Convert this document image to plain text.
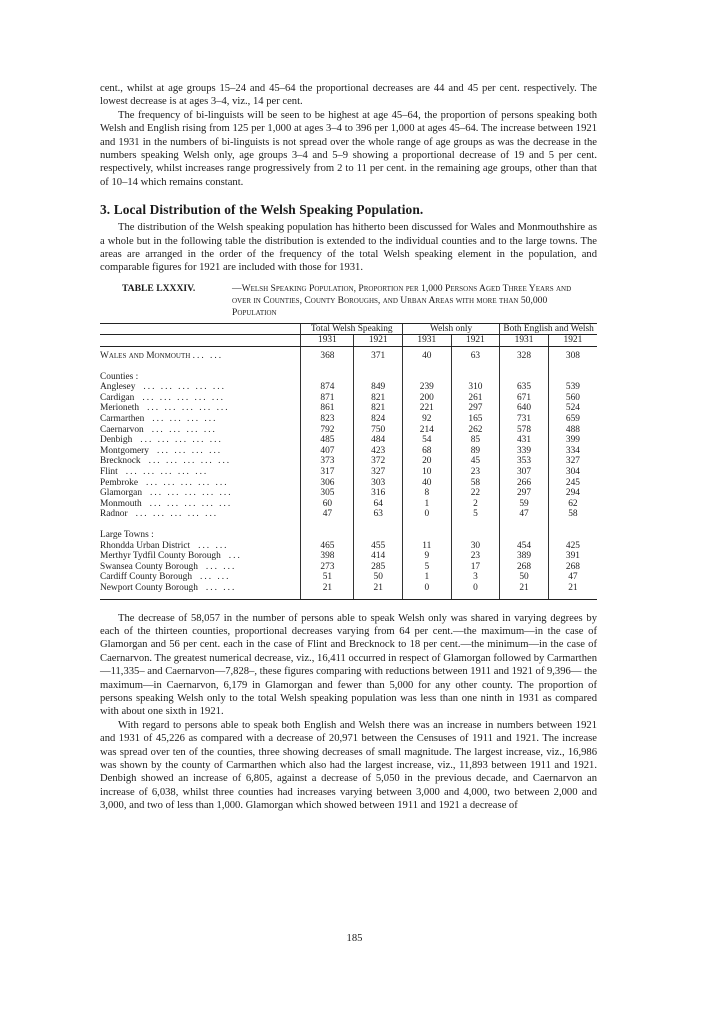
cent., whilst at age groups 15–24 and 45–64 the proportional decreases are 44 and 45 per cent. respectively. The lowest decrease is at ages 3–4, viz., 14 per cent.

The frequency of bi-linguists will be seen to be highest at age 45–64, the proportion of persons speaking both Welsh and English rising from 125 per 1,000 at ages 3–4 to 396 per 1,000 at ages 45–64. The increase between 1921 and 1931 in the numbers of bi-linguists is not spread over the whole range of age groups as was the decrease in the numbers speaking Welsh only, age groups 3–4 and 5–9 showing a proportional decrease of 19 and 5 per cent. respectively, whilst increases range progressively from 2 to 11 per cent. in the remaining age groups, other than that of 10–14 which remains constant.

3. Local Distribution of the Welsh Speaking Population.

The distribution of the Welsh speaking population has hitherto been discussed for Wales and Monmouthshire as a whole but in the following table the distribution is extended to the individual counties and to the large towns. The areas are arranged in the order of the frequency of the total Welsh speaking element in the population, and comparable figures for 1921 are included with those for 1931.

TABLE LXXXIV.	—Welsh Speaking Population, Proportion per 1,000 Persons Aged Three Years and over in Counties, County Boroughs, and Urban Areas with more than 50,000 Population
	Total Welsh Speaking		Welsh only		Both English and Welsh	
	1931	1921	1931	1921	1931	1921

Wales and Monmouth ... ...	368	371	40	63	328	308

Counties :						
Anglesey ... ... ... ... ...	874	849	239	310	635	539
Cardigan ... ... ... ... ...	871	821	200	261	671	560
Merioneth ... ... ... ... ...	861	821	221	297	640	524
Carmarthen ... ... ... ...	823	824	92	165	731	659
Caernarvon ... ... ... ...	792	750	214	262	578	488
Denbigh ... ... ... ... ...	485	484	54	85	431	399
Montgomery ... ... ... ...	407	423	68	89	339	334
Brecknock ... ... ... ... ...	373	372	20	45	353	327
Flint ... ... ... ... ...	317	327	10	23	307	304
Pembroke ... ... ... ... ...	306	303	40	58	266	245
Glamorgan ... ... ... ... ...	305	316	8	22	297	294
Monmouth ... ... ... ... ...	60	64	1	2	59	62
Radnor ... ... ... ... ...	47	63	0	5	47	58

Large Towns :						
Rhondda Urban District ... ...	465	455	11	30	454	425
Merthyr Tydfil County Borough ...	398	414	9	23	389	391
Swansea County Borough ... ...	273	285	5	17	268	268
Cardiff County Borough ... ...	51	50	1	3	50	47
Newport County Borough ... ...	21	21	0	0	21	21

The decrease of 58,057 in the number of persons able to speak Welsh only was shared in varying degrees by each of the thirteen counties, proportional decreases varying from 64 per cent.—the maximum—in the case of Glamorgan and 56 per cent. each in the case of Flint and Brecknock to 18 per cent.—the minimum—in the case of Caernarvon. The greatest numerical decrease, viz., 16,411 occurred in respect of Glamorgan followed by Carmarthen—11,335– and Caernarvon—7,828–, these figures comparing with reductions between 1911 and 1921 of 9,396— the maximum—in Caernarvon, 6,179 in Glamorgan and fewer than 5,000 for any other county. The proportion of persons speaking Welsh only to the total Welsh speaking population was less than one ninth in 1931 as compared with about one sixth in 1921.

With regard to persons able to speak both English and Welsh there was an increase in numbers between 1921 and 1931 of 45,226 as compared with a decrease of 20,971 between the Censuses of 1911 and 1921. The increase was spread over ten of the counties, three showing decreases of small magnitude. The largest increase, viz., 16,986 was shown by the county of Carmarthen which also had the largest increase, viz., 11,893 between 1911 and 1921. Denbigh showed an increase of 6,805, against a decrease of 5,050 in the previous decade, and Caernarvon an increase of 6,038, whilst three counties had increases varying between 3,000 and 4,000, two between 2,000 and 3,000, and two of less than 1,000. Glamorgan which showed between 1911 and 1921 a decrease of

185
